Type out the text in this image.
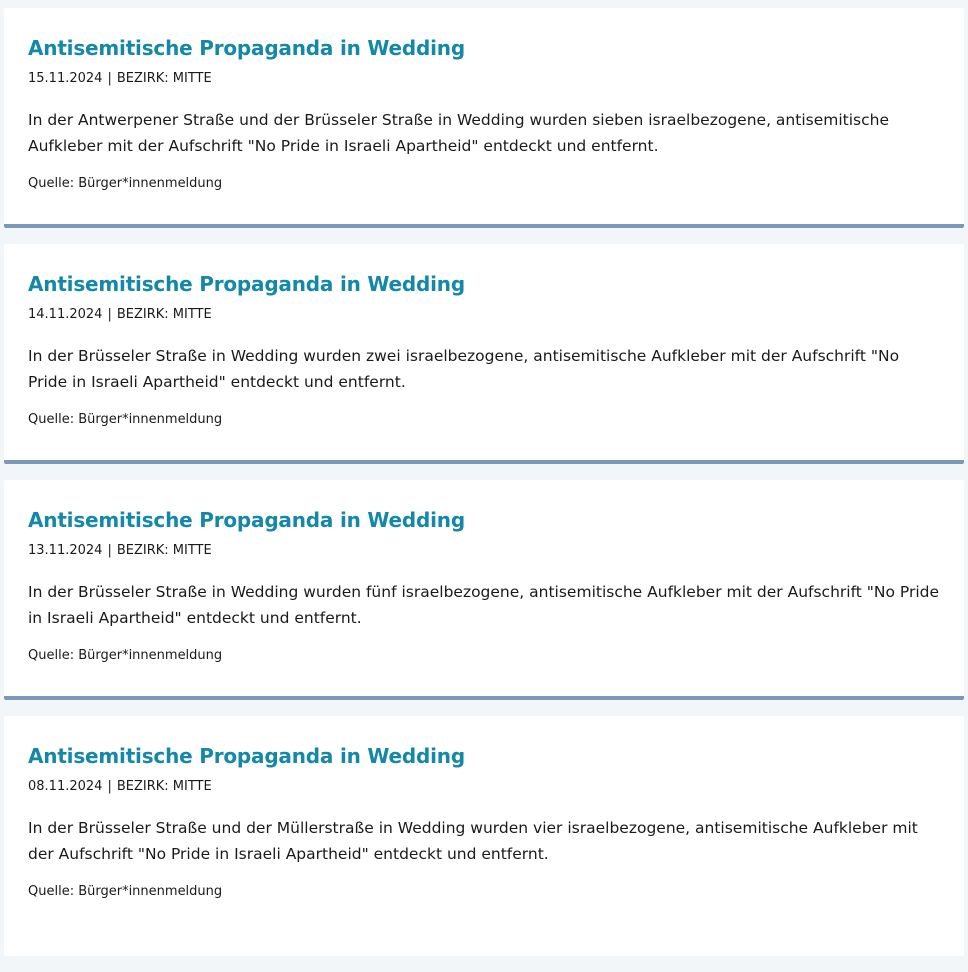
Antisemitische Propaganda in Wedding
15.11.2024 | BEZIRK: MITTE

In der Antwerpener Straße und der Brüsseler Straße in Wedding wurden sieben israelbezogene, antisemitische Aufkleber mit der Aufschrift "No Pride in Israeli Apartheid" entdeckt und entfernt.

Quelle: Bürger*innenmeldung
Antisemitische Propaganda in Wedding
14.11.2024 | BEZIRK: MITTE

In der Brüsseler Straße in Wedding wurden zwei israelbezogene, antisemitische Aufkleber mit der Aufschrift "No Pride in Israeli Apartheid" entdeckt und entfernt.

Quelle: Bürger*innenmeldung
Antisemitische Propaganda in Wedding
13.11.2024 | BEZIRK: MITTE

In der Brüsseler Straße in Wedding wurden fünf israelbezogene, antisemitische Aufkleber mit der Aufschrift "No Pride in Israeli Apartheid" entdeckt und entfernt.

Quelle: Bürger*innenmeldung
Antisemitische Propaganda in Wedding
08.11.2024 | BEZIRK: MITTE

In der Brüsseler Straße und der Müllerstraße in Wedding wurden vier israelbezogene, antisemitische Aufkleber mit der Aufschrift "No Pride in Israeli Apartheid" entdeckt und entfernt.

Quelle: Bürger*innenmeldung
